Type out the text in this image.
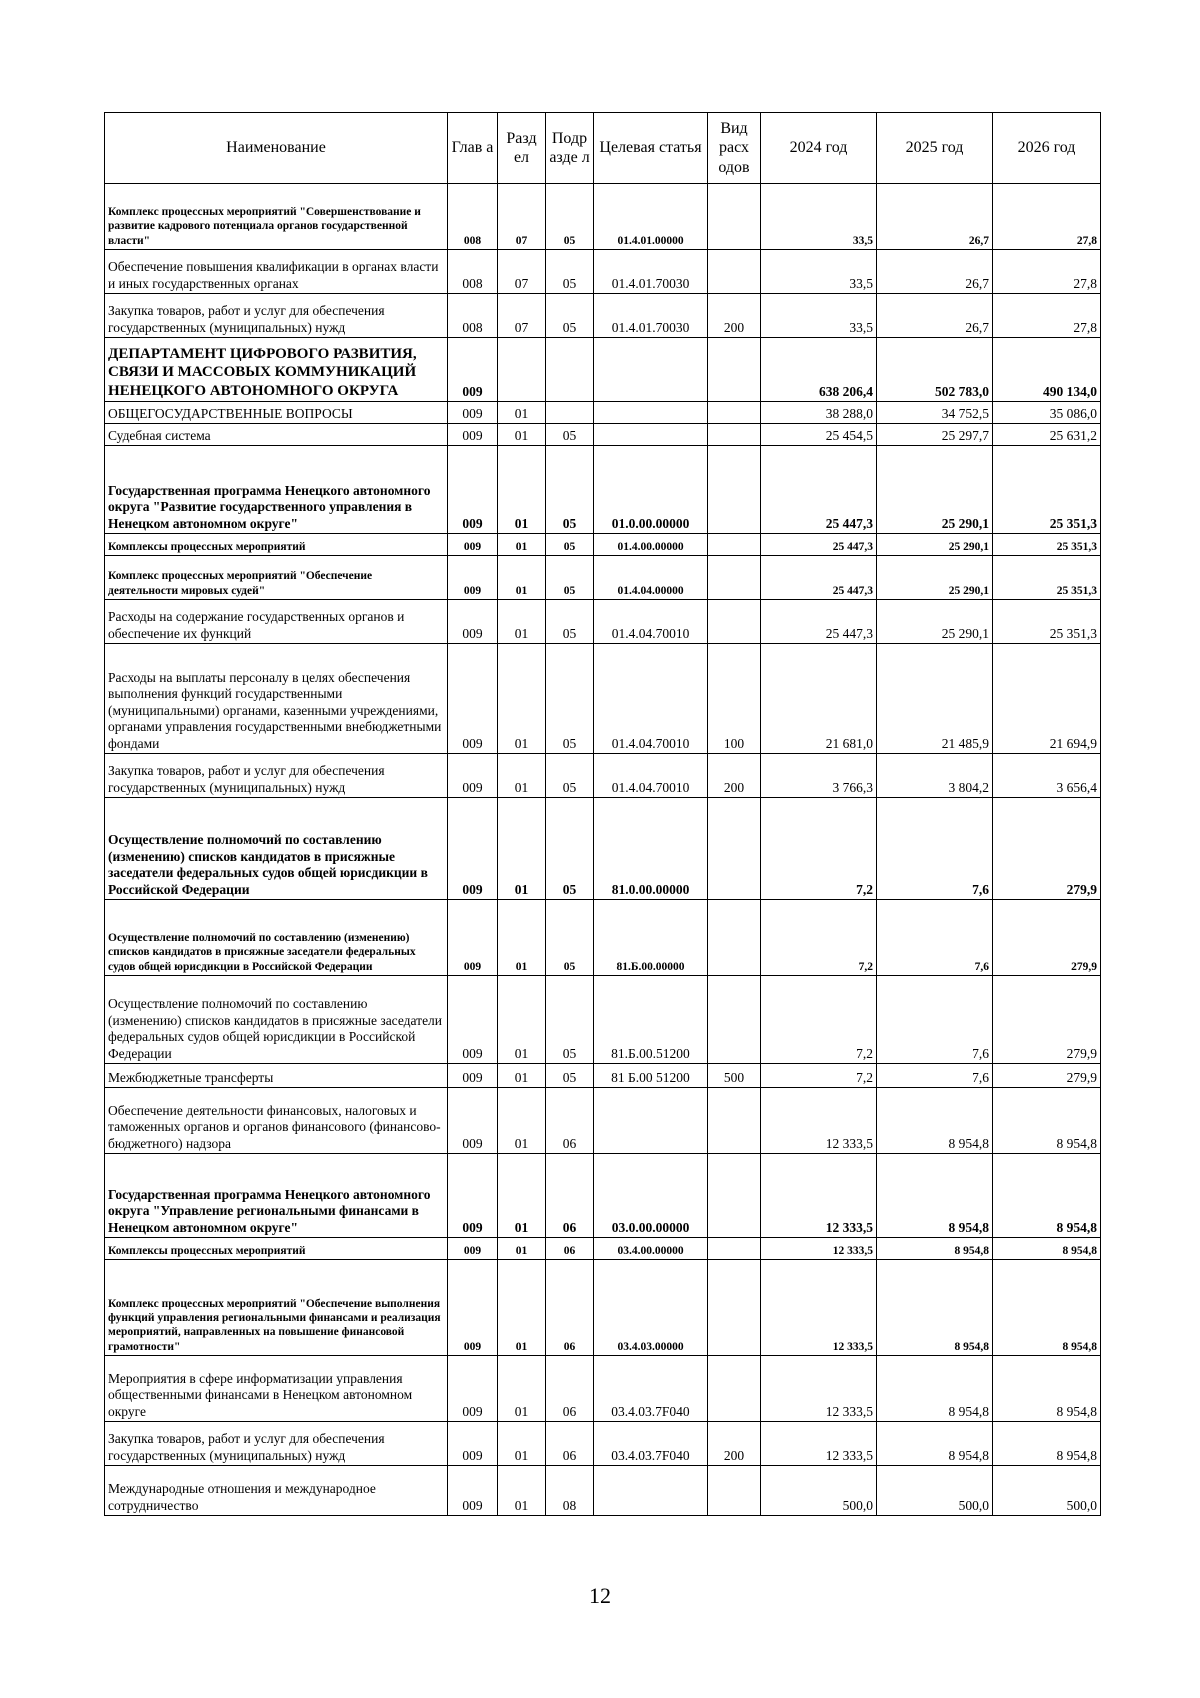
Наименование	Глав а	Разд ел	Подр азде л	Целевая статья	Вид расх одов	2024 год	2025 год	2026 год
Комплекс процессных мероприятий "Совершенствование и развитие кадрового потенциала органов государственной власти"	008	07	05	01.4.01.00000		33,5	26,7	27,8
Обеспечение повышения квалификации в органах власти и иных государственных органах	008	07	05	01.4.01.70030		33,5	26,7	27,8
Закупка товаров, работ и услуг для обеспечения государственных (муниципальных) нужд	008	07	05	01.4.01.70030	200	33,5	26,7	27,8
ДЕПАРТАМЕНТ ЦИФРОВОГО РАЗВИТИЯ, СВЯЗИ И МАССОВЫХ КОММУНИКАЦИЙ НЕНЕЦКОГО АВТОНОМНОГО ОКРУГА	009					638 206,4	502 783,0	490 134,0
ОБЩЕГОСУДАРСТВЕННЫЕ ВОПРОСЫ	009	01				38 288,0	34 752,5	35 086,0
Судебная система	009	01	05			25 454,5	25 297,7	25 631,2
Государственная программа Ненецкого автономного округа "Развитие государственного управления в Ненецком автономном округе"	009	01	05	01.0.00.00000		25 447,3	25 290,1	25 351,3
Комплексы процессных мероприятий	009	01	05	01.4.00.00000		25 447,3	25 290,1	25 351,3
Комплекс процессных мероприятий "Обеспечение деятельности мировых судей"	009	01	05	01.4.04.00000		25 447,3	25 290,1	25 351,3
Расходы на содержание государственных органов и обеспечение их функций	009	01	05	01.4.04.70010		25 447,3	25 290,1	25 351,3
Расходы на выплаты персоналу в целях обеспечения выполнения функций государственными (муниципальными) органами, казенными учреждениями, органами управления государственными внебюджетными фондами	009	01	05	01.4.04.70010	100	21 681,0	21 485,9	21 694,9
Закупка товаров, работ и услуг для обеспечения государственных (муниципальных) нужд	009	01	05	01.4.04.70010	200	3 766,3	3 804,2	3 656,4
Осуществление полномочий по составлению (изменению) списков кандидатов в присяжные заседатели федеральных судов общей юрисдикции в Российской Федерации	009	01	05	81.0.00.00000		7,2	7,6	279,9
Осуществление полномочий по составлению (изменению) списков кандидатов в присяжные заседатели федеральных судов общей юрисдикции в Российской Федерации	009	01	05	81.Б.00.00000		7,2	7,6	279,9
Осуществление полномочий по составлению (изменению) списков кандидатов в присяжные заседатели федеральных судов общей юрисдикции в Российской Федерации	009	01	05	81.Б.00.51200		7,2	7,6	279,9
Межбюджетные трансферты	009	01	05	81 Б.00 51200	500	7,2	7,6	279,9
Обеспечение деятельности финансовых, налоговых и таможенных органов и органов финансового (финансово-бюджетного) надзора	009	01	06			12 333,5	8 954,8	8 954,8
Государственная программа Ненецкого автономного округа "Управление региональными финансами в Ненецком автономном округе"	009	01	06	03.0.00.00000		12 333,5	8 954,8	8 954,8
Комплексы процессных мероприятий	009	01	06	03.4.00.00000		12 333,5	8 954,8	8 954,8
Комплекс процессных мероприятий "Обеспечение выполнения функций управления региональными финансами и реализация мероприятий, направленных на повышение финансовой грамотности"	009	01	06	03.4.03.00000		12 333,5	8 954,8	8 954,8
Мероприятия в сфере информатизации управления общественными финансами в Ненецком автономном округе	009	01	06	03.4.03.7F040		12 333,5	8 954,8	8 954,8
Закупка товаров, работ и услуг для обеспечения государственных (муниципальных) нужд	009	01	06	03.4.03.7F040	200	12 333,5	8 954,8	8 954,8
Международные отношения и международное сотрудничество	009	01	08			500,0	500,0	500,0
12
